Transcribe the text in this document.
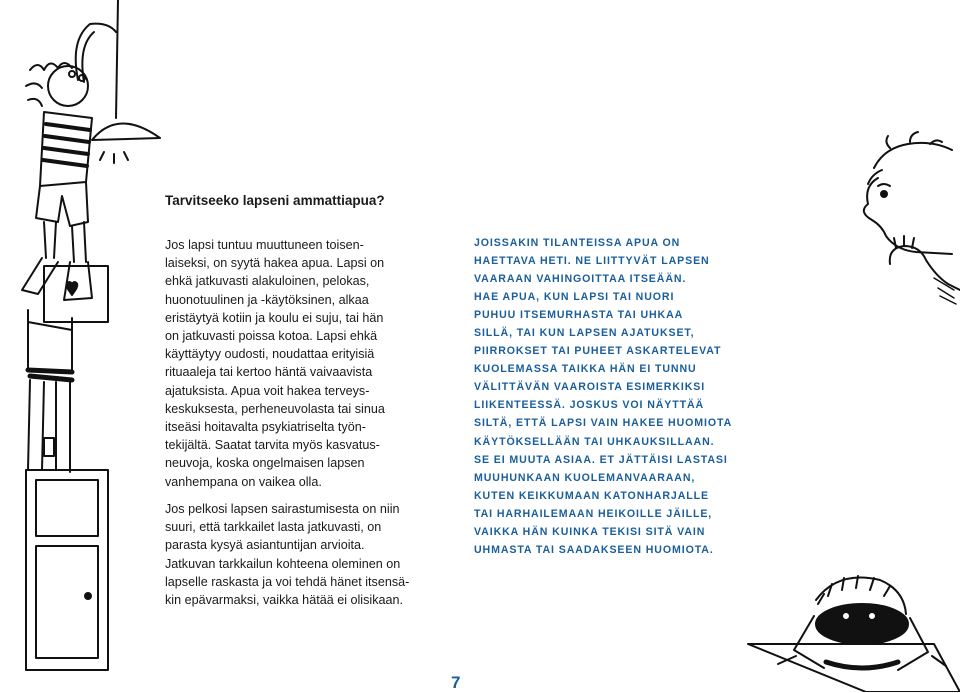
Tarvitseeko lapseni ammattiapua?
Jos lapsi tuntuu muuttuneen toisen-
laiseksi, on syytä hakea apua. Lapsi on
ehkä jatkuvasti alakuloinen, pelokas,
huonotuulinen ja -käytöksinen, alkaa
eristäytyä kotiin ja koulu ei suju, tai hän
on jatkuvasti poissa kotoa. Lapsi ehkä
käyttäytyy oudosti, noudattaa erityisiä
rituaaleja tai kertoo häntä vaivaavista
ajatuksista. Apua voit hakea terveys-
keskuksesta, perheneuvolasta tai sinua
itseäsi hoitavalta psykiatriselta työn-
tekijältä. Saatat tarvita myös kasvatus-
neuvoja, koska ongelmaisen lapsen
vanhempana on vaikea olla.
Jos pelkosi lapsen sairastumisesta on niin
suuri, että tarkkailet lasta jatkuvasti, on
parasta kysyä asiantuntijan arvioita.
Jatkuvan tarkkailun kohteena oleminen on
lapselle raskasta ja voi tehdä hänet itsensä-
kin epävarmaksi, vaikka hätää ei olisikaan.
JOISSAKIN TILANTEISSA APUA ON
HAETTAVA HETI. NE LIITTYVÄT LAPSEN
VAARAAN VAHINGOITTAA ITSEÄÄN.
HAE APUA, KUN LAPSI TAI NUORI
PUHUU ITSEMURHASTA TAI UHKAA
SILLÄ, TAI KUN LAPSEN AJATUKSET,
PIIRROKSET TAI PUHEET ASKARTELEVAT
KUOLEMASSA TAIKKA HÄN EI TUNNU
VÄLITTÄVÄN VAAROISTA ESIMERKIKSI
LIIKENTEESSÄ. JOSKUS VOI NÄYTTÄÄ
SILTÄ, ETTÄ LAPSI VAIN HAKEE HUOMIOTA
KÄYTÖKSELLÄÄN TAI UHKAUKSILLAAN.
SE EI MUUTA ASIAA. ET JÄTTÄISI LASTASI
MUUHUNKAAN KUOLEMANVAARAAN,
KUTEN KEIKKUMAAN KATONHARJALLE
TAI HARHAILEMAAN HEIKOILLE JÄILLE,
VAIKKA HÄN KUINKA TEKISI SITÄ VAIN
UHMASTA TAI SAADAKSEEN HUOMIOTA.
7
